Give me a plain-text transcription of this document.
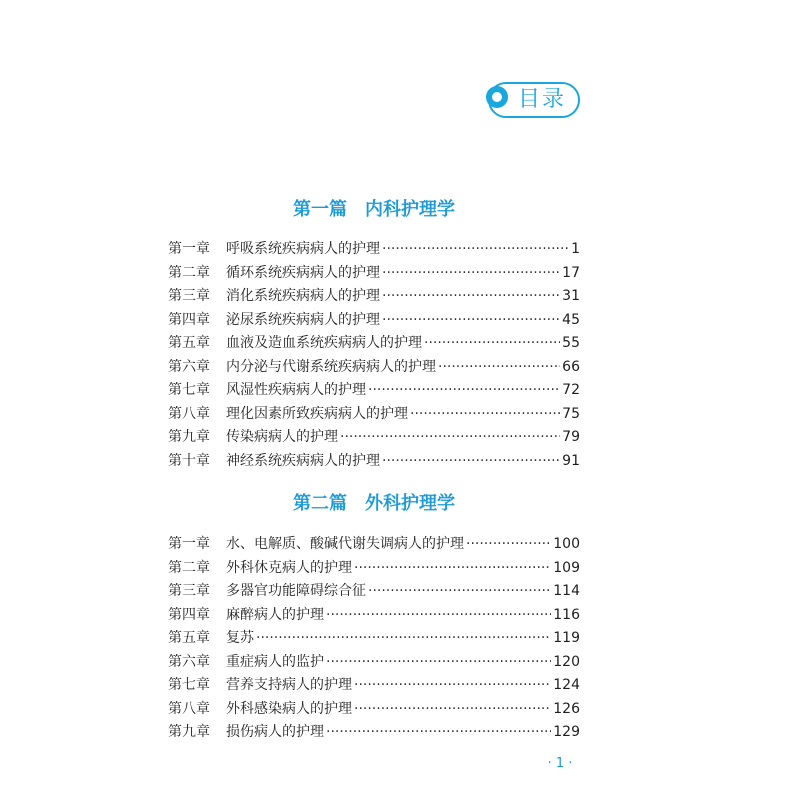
目录
第一篇　内科护理学
第一章	呼吸系统疾病病人的护理 ·····	1
第二章	循环系统疾病病人的护理 ·····	17
第三章	消化系统疾病病人的护理 ·····	31
第四章	泌尿系统疾病病人的护理 ·····	45
第五章	血液及造血系统疾病病人的护理 ·····	55
第六章	内分泌与代谢系统疾病病人的护理 ·····	66
第七章	风湿性疾病病人的护理 ·····	72
第八章	理化因素所致疾病病人的护理 ·····	75
第九章	传染病病人的护理 ·····	79
第十章	神经系统疾病病人的护理 ·····	91
第二篇　外科护理学
第一章	水、电解质、酸碱代谢失调病人的护理 ·····	100
第二章	外科休克病人的护理 ·····	109
第三章	多器官功能障碍综合征 ·····	114
第四章	麻醉病人的护理 ·····	116
第五章	复苏 ·····	119
第六章	重症病人的监护 ·····	120
第七章	营养支持病人的护理 ·····	124
第八章	外科感染病人的护理 ·····	126
第九章	损伤病人的护理 ·····	129
· 1 ·
